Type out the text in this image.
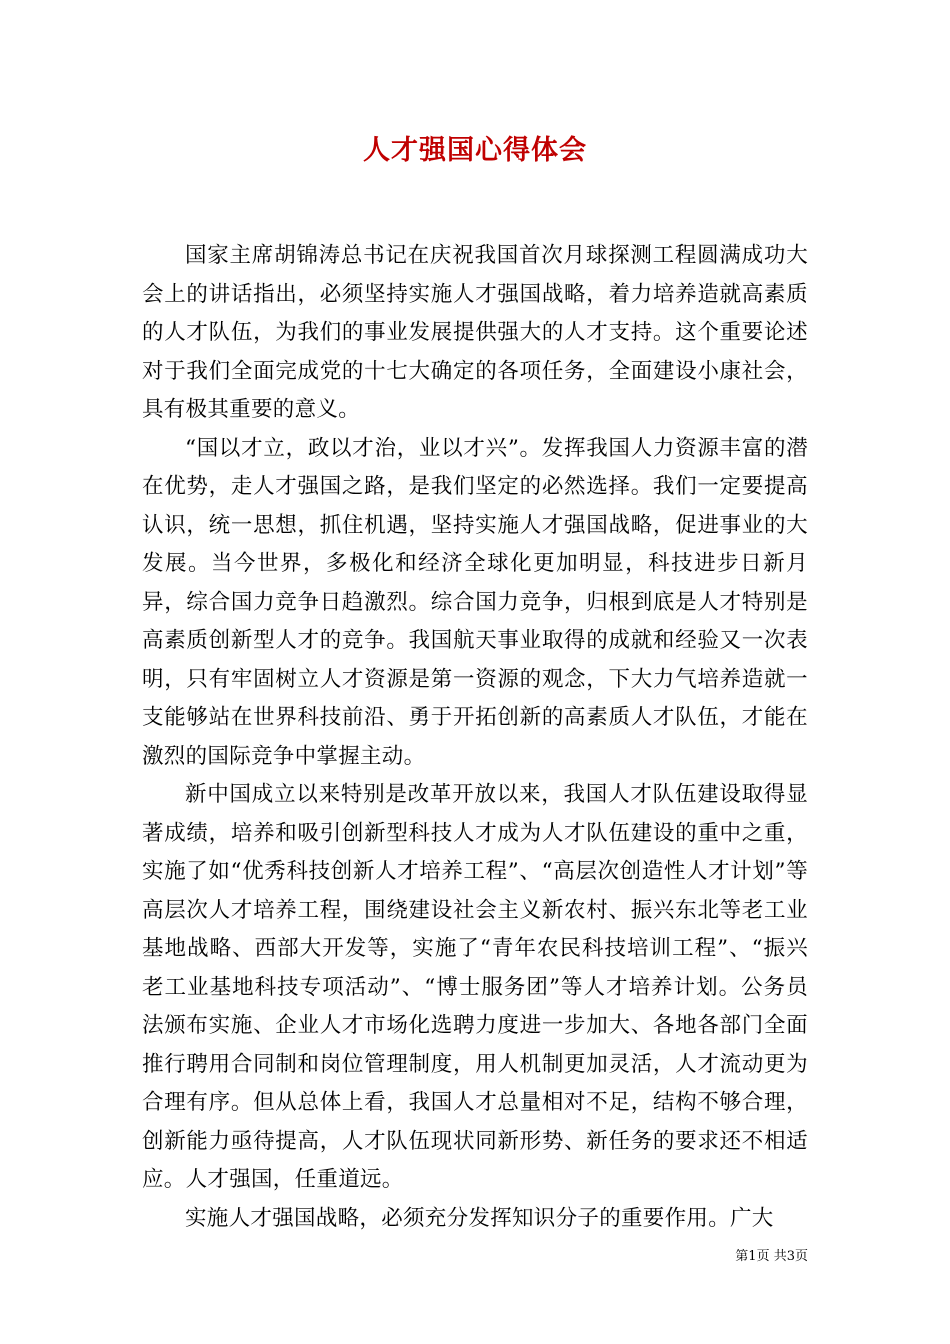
人才强国心得体会

国家主席胡锦涛总书记在庆祝我国首次月球探测工程圆满成功大会上的讲话指出，必须坚持实施人才强国战略，着力培养造就高素质的人才队伍，为我们的事业发展提供强大的人才支持。这个重要论述对于我们全面完成党的十七大确定的各项任务，全面建设小康社会，具有极其重要的意义。

“国以才立，政以才治，业以才兴”。发挥我国人力资源丰富的潜在优势，走人才强国之路，是我们坚定的必然选择。我们一定要提高认识，统一思想，抓住机遇，坚持实施人才强国战略，促进事业的大发展。当今世界，多极化和经济全球化更加明显，科技进步日新月异，综合国力竞争日趋激烈。综合国力竞争，归根到底是人才特别是高素质创新型人才的竞争。我国航天事业取得的成就和经验又一次表明，只有牢固树立人才资源是第一资源的观念，下大力气培养造就一支能够站在世界科技前沿、勇于开拓创新的高素质人才队伍，才能在激烈的国际竞争中掌握主动。

新中国成立以来特别是改革开放以来，我国人才队伍建设取得显著成绩，培养和吸引创新型科技人才成为人才队伍建设的重中之重，实施了如“优秀科技创新人才培养工程”、“高层次创造性人才计划”等高层次人才培养工程，围绕建设社会主义新农村、振兴东北等老工业基地战略、西部大开发等，实施了“青年农民科技培训工程”、“振兴老工业基地科技专项活动”、“博士服务团”等人才培养计划。公务员法颁布实施、企业人才市场化选聘力度进一步加大、各地各部门全面推行聘用合同制和岗位管理制度，用人机制更加灵活，人才流动更为合理有序。但从总体上看，我国人才总量相对不足，结构不够合理，创新能力亟待提高，人才队伍现状同新形势、新任务的要求还不相适应。人才强国，任重道远。

实施人才强国战略，必须充分发挥知识分子的重要作用。广大

第1页 共3页
